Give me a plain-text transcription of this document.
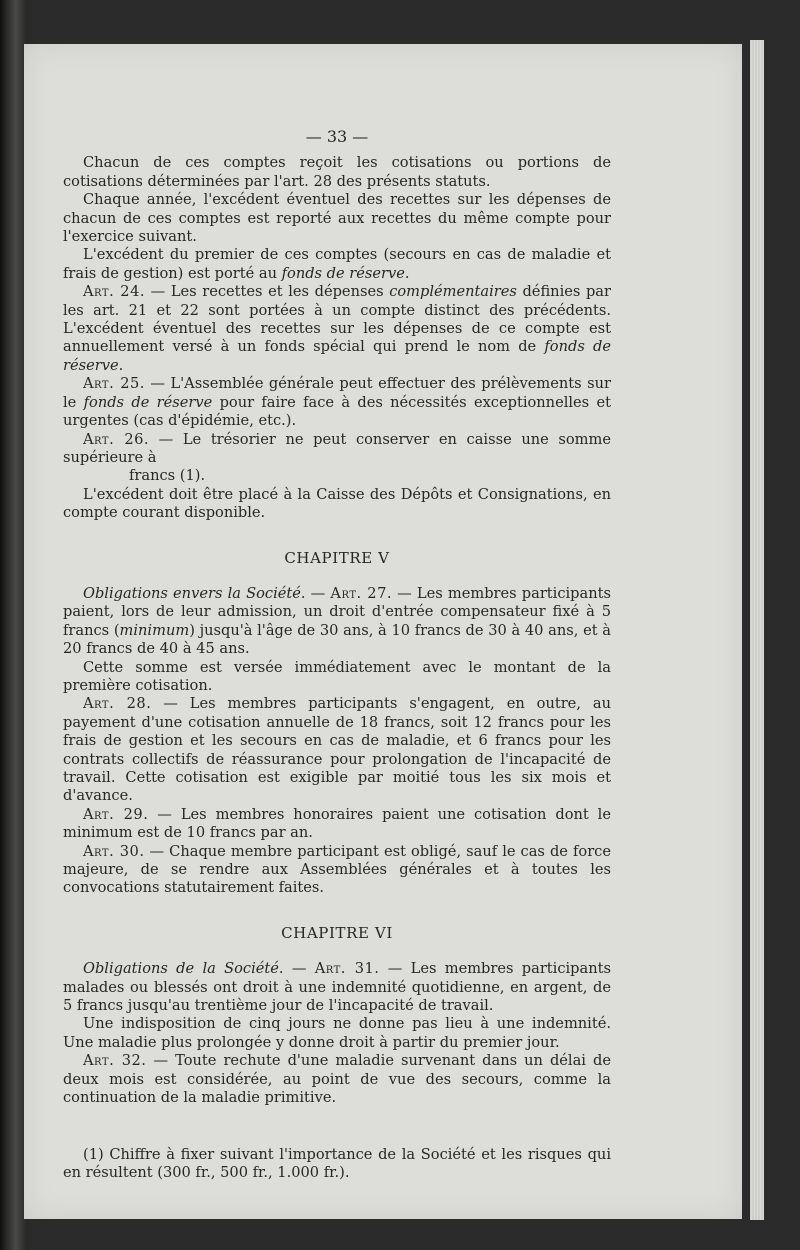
— 33 —

Chacun de ces comptes reçoit les cotisations ou portions de cotisations déterminées par l'art. 28 des présents statuts.

Chaque année, l'excédent éventuel des recettes sur les dépenses de chacun de ces comptes est reporté aux recettes du même compte pour l'exercice suivant.

L'excédent du premier de ces comptes (secours en cas de maladie et frais de gestion) est porté au fonds de réserve.

Art. 24. — Les recettes et les dépenses complémentaires définies par les art. 21 et 22 sont portées à un compte distinct des précédents. L'excédent éventuel des recettes sur les dépenses de ce compte est annuellement versé à un fonds spécial qui prend le nom de fonds de réserve.

Art. 25. — L'Assemblée générale peut effectuer des prélèvements sur le fonds de réserve pour faire face à des nécessités exceptionnelles et urgentes (cas d'épidémie, etc.).

Art. 26. — Le trésorier ne peut conserver en caisse une somme supérieure à

francs (1).

L'excédent doit être placé à la Caisse des Dépôts et Consignations, en compte courant disponible.

CHAPITRE V

Obligations envers la Société. — Art. 27. — Les membres participants paient, lors de leur admission, un droit d'entrée compensateur fixé à 5 francs (minimum) jusqu'à l'âge de 30 ans, à 10 francs de 30 à 40 ans, et à 20 francs de 40 à 45 ans.

Cette somme est versée immédiatement avec le montant de la première cotisation.

Art. 28. — Les membres participants s'engagent, en outre, au payement d'une cotisation annuelle de 18 francs, soit 12 francs pour les frais de gestion et les secours en cas de maladie, et 6 francs pour les contrats collectifs de réassurance pour prolongation de l'incapacité de travail. Cette cotisation est exigible par moitié tous les six mois et d'avance.

Art. 29. — Les membres honoraires paient une cotisation dont le minimum est de 10 francs par an.

Art. 30. — Chaque membre participant est obligé, sauf le cas de force majeure, de se rendre aux Assemblées générales et à toutes les convocations statutairement faites.

CHAPITRE VI

Obligations de la Société. — Art. 31. — Les membres participants malades ou blessés ont droit à une indemnité quotidienne, en argent, de 5 francs jusqu'au trentième jour de l'incapacité de travail.

Une indisposition de cinq jours ne donne pas lieu à une indemnité. Une maladie plus prolongée y donne droit à partir du premier jour.

Art. 32. — Toute rechute d'une maladie survenant dans un délai de deux mois est considérée, au point de vue des secours, comme la continuation de la maladie primitive.

(1) Chiffre à fixer suivant l'importance de la Société et les risques qui en résultent (300 fr., 500 fr., 1.000 fr.).
